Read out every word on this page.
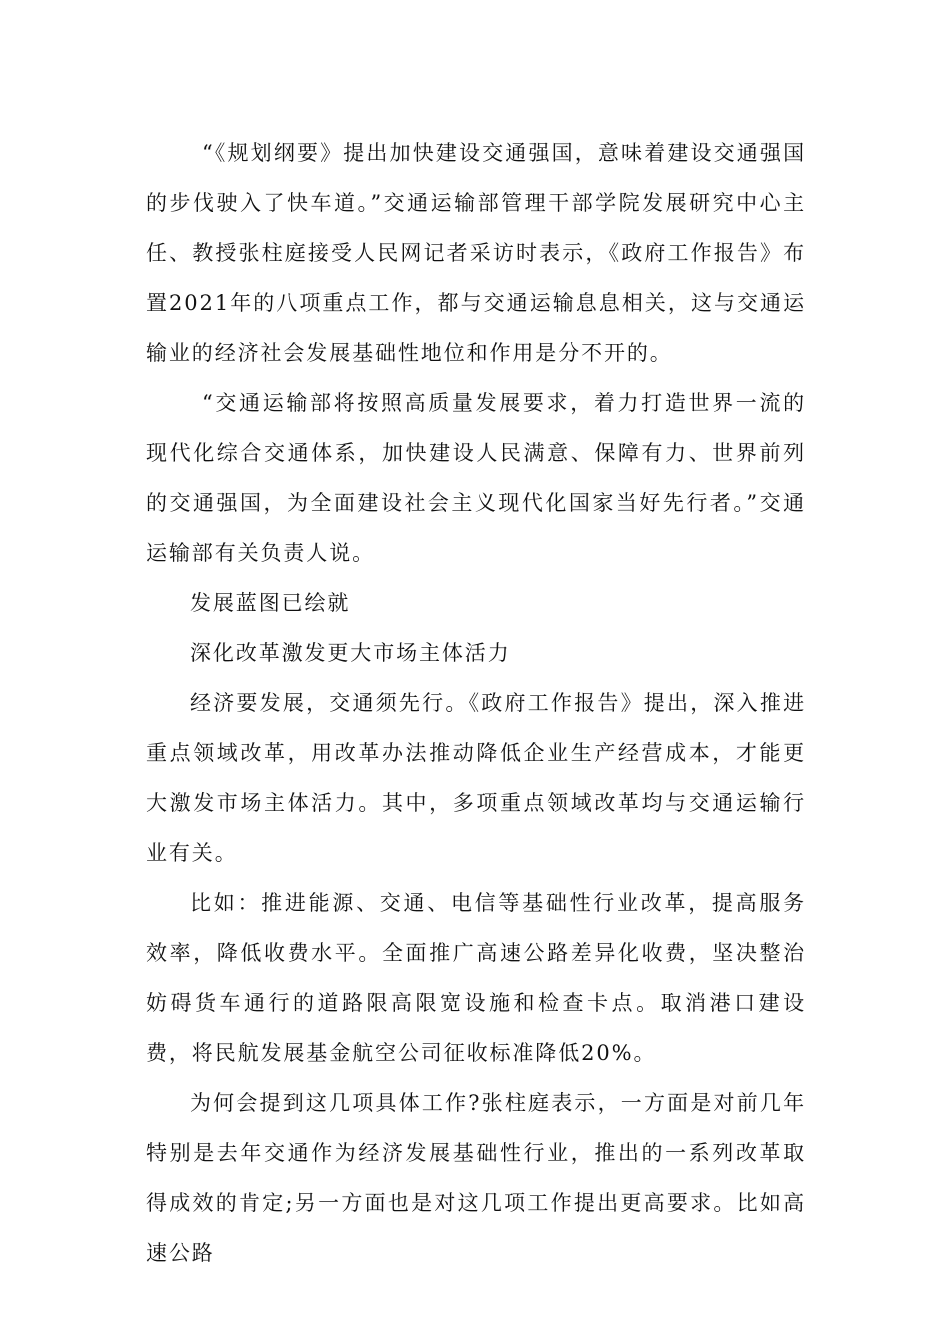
“《规划纲要》提出加快建设交通强国，意味着建设交通强国的步伐驶入了快车道。”交通运输部管理干部学院发展研究中心主任、教授张柱庭接受人民网记者采访时表示，《政府工作报告》布置2021年的八项重点工作，都与交通运输息息相关，这与交通运输业的经济社会发展基础性地位和作用是分不开的。

“交通运输部将按照高质量发展要求，着力打造世界一流的现代化综合交通体系，加快建设人民满意、保障有力、世界前列的交通强国，为全面建设社会主义现代化国家当好先行者。”交通运输部有关负责人说。

发展蓝图已绘就

深化改革激发更大市场主体活力

经济要发展，交通须先行。《政府工作报告》提出，深入推进重点领域改革，用改革办法推动降低企业生产经营成本，才能更大激发市场主体活力。其中，多项重点领域改革均与交通运输行业有关。

比如：推进能源、交通、电信等基础性行业改革，提高服务效率，降低收费水平。全面推广高速公路差异化收费，坚决整治妨碍货车通行的道路限高限宽设施和检查卡点。取消港口建设费，将民航发展基金航空公司征收标准降低20%。

为何会提到这几项具体工作?张柱庭表示，一方面是对前几年特别是去年交通作为经济发展基础性行业，推出的一系列改革取得成效的肯定;另一方面也是对这几项工作提出更高要求。比如高速公路
